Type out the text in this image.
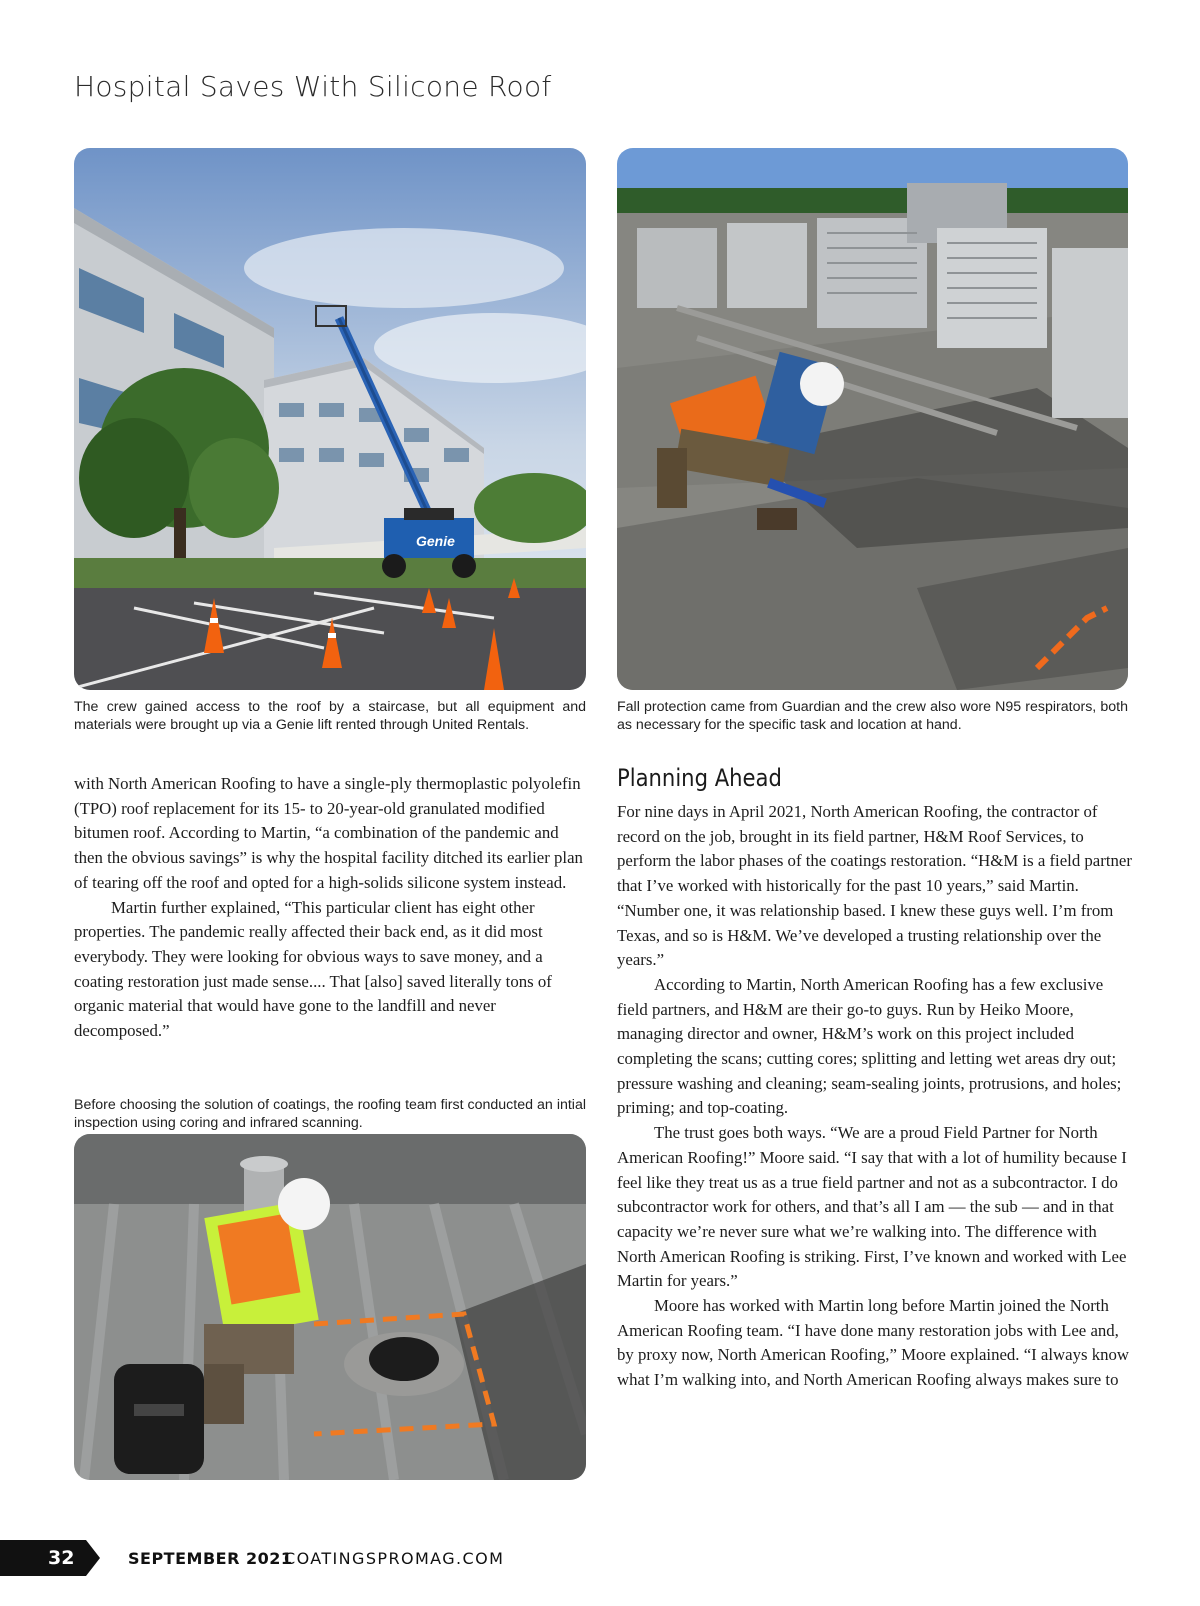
Hospital Saves With Silicone Roof
Genie
The crew gained access to the roof by a staircase, but all equipment and materials were brought up via a Genie lift rented through United Rentals.
Fall protection came from Guardian and the crew also wore N95 respirators, both as necessary for the specific task and location at hand.

with North American Roofing to have a single-ply thermoplastic polyolefin (TPO) roof replacement for its 15- to 20-year-old granulated modified bitumen roof. According to Martin, “a combination of the pandemic and then the obvious savings” is why the hospital facility ditched its earlier plan of tearing off the roof and opted for a high-solids silicone system instead.

Martin further explained, “This particular client has eight other properties. The pandemic really affected their back end, as it did most everybody. They were looking for obvious ways to save money, and a coating restoration just made sense.... That [also] saved literally tons of organic material that would have gone to the landfill and never decomposed.”

Before choosing the solution of coatings, the roofing team first conducted an intial inspection using coring and infrared scanning.
Planning Ahead

For nine days in April 2021, North American Roofing, the contractor of record on the job, brought in its field partner, H&M Roof Services, to perform the labor phases of the coatings restoration. “H&M is a field partner that I’ve worked with historically for the past 10 years,” said Martin. “Number one, it was relationship based. I knew these guys well. I’m from Texas, and so is H&M. We’ve developed a trusting relationship over the years.”

According to Martin, North American Roofing has a few exclusive field partners, and H&M are their go-to guys. Run by Heiko Moore, managing director and owner, H&M’s work on this project included completing the scans; cutting cores; splitting and letting wet areas dry out; pressure washing and cleaning; seam-sealing joints, protrusions, and holes; priming; and top-coating.

The trust goes both ways. “We are a proud Field Partner for North American Roofing!” Moore said. “I say that with a lot of humility because I feel like they treat us as a true field partner and not as a subcontractor. I do subcontractor work for others, and that’s all I am — the sub — and in that capacity we’re never sure what we’re walking into. The difference with North American Roofing is striking. First, I’ve known and worked with Lee Martin for years.”

Moore has worked with Martin long before Martin joined the North American Roofing team. “I have done many restoration jobs with Lee and, by proxy now, North American Roofing,” Moore explained. “I always know what I’m walking into, and North American Roofing always makes sure to

32	SEPTEMBER 2021
COATINGSPROMAG.COM
